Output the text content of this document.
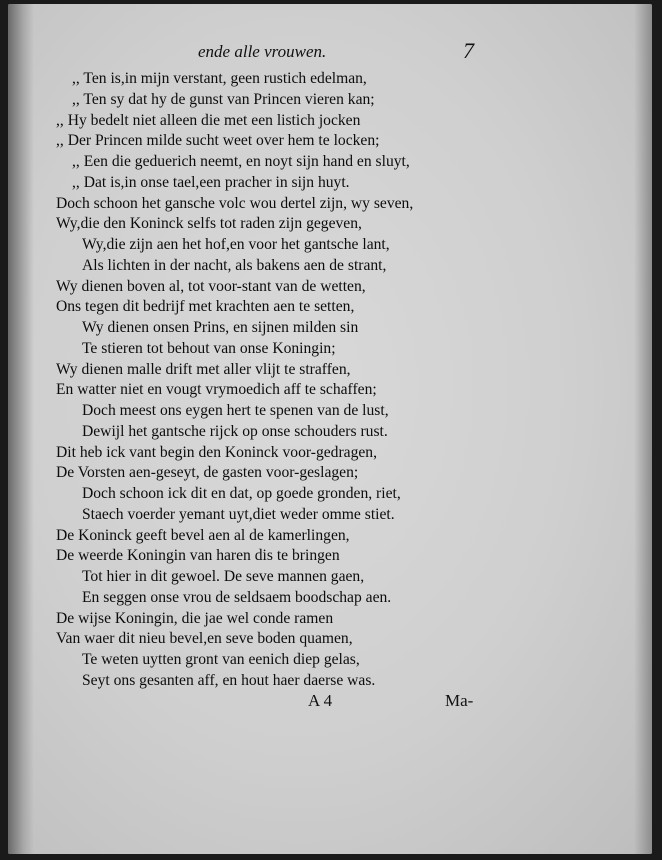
ende alle vrouwen.	7
,, Ten is,in mijn verstant, geen rustich edelman,
,, Ten sy dat hy de gunst van Princen vieren kan;
,, Hy bedelt niet alleen die met een listich jocken
,, Der Princen milde sucht weet over hem te locken;
,, Een die geduerich neemt, en noyt sijn hand en sluyt,
,, Dat is,in onse tael,een pracher in sijn huyt.
Doch schoon het gansche volc wou dertel zijn, wy seven,
Wy,die den Koninck selfs tot raden zijn gegeven,
Wy,die zijn aen het hof,en voor het gantsche lant,
Als lichten in der nacht, als bakens aen de strant,
Wy dienen boven al, tot voor-stant van de wetten,
Ons tegen dit bedrijf met krachten aen te setten,
Wy dienen onsen Prins, en sijnen milden sin
Te stieren tot behout van onse Koningin;
Wy dienen malle drift met aller vlijt te straffen,
En watter niet en vougt vrymoedich aff te schaffen;
Doch meest ons eygen hert te spenen van de lust,
Dewijl het gantsche rijck op onse schouders rust.
Dit heb ick vant begin den Koninck voor-gedragen,
De Vorsten aen-geseyt, de gasten voor-geslagen;
Doch schoon ick dit en dat, op goede gronden, riet,
Staech voerder yemant uyt,diet weder omme stiet.
De Koninck geeft bevel aen al de kamerlingen,
De weerde Koningin van haren dis te bringen
Tot hier in dit gewoel. De seve mannen gaen,
En seggen onse vrou de seldsaem boodschap aen.
De wijse Koningin, die jae wel conde ramen
Van waer dit nieu bevel,en seve boden quamen,
Te weten uytten gront van eenich diep gelas,
Seyt ons gesanten aff, en hout haer daerse was.
A 4	Ma-
